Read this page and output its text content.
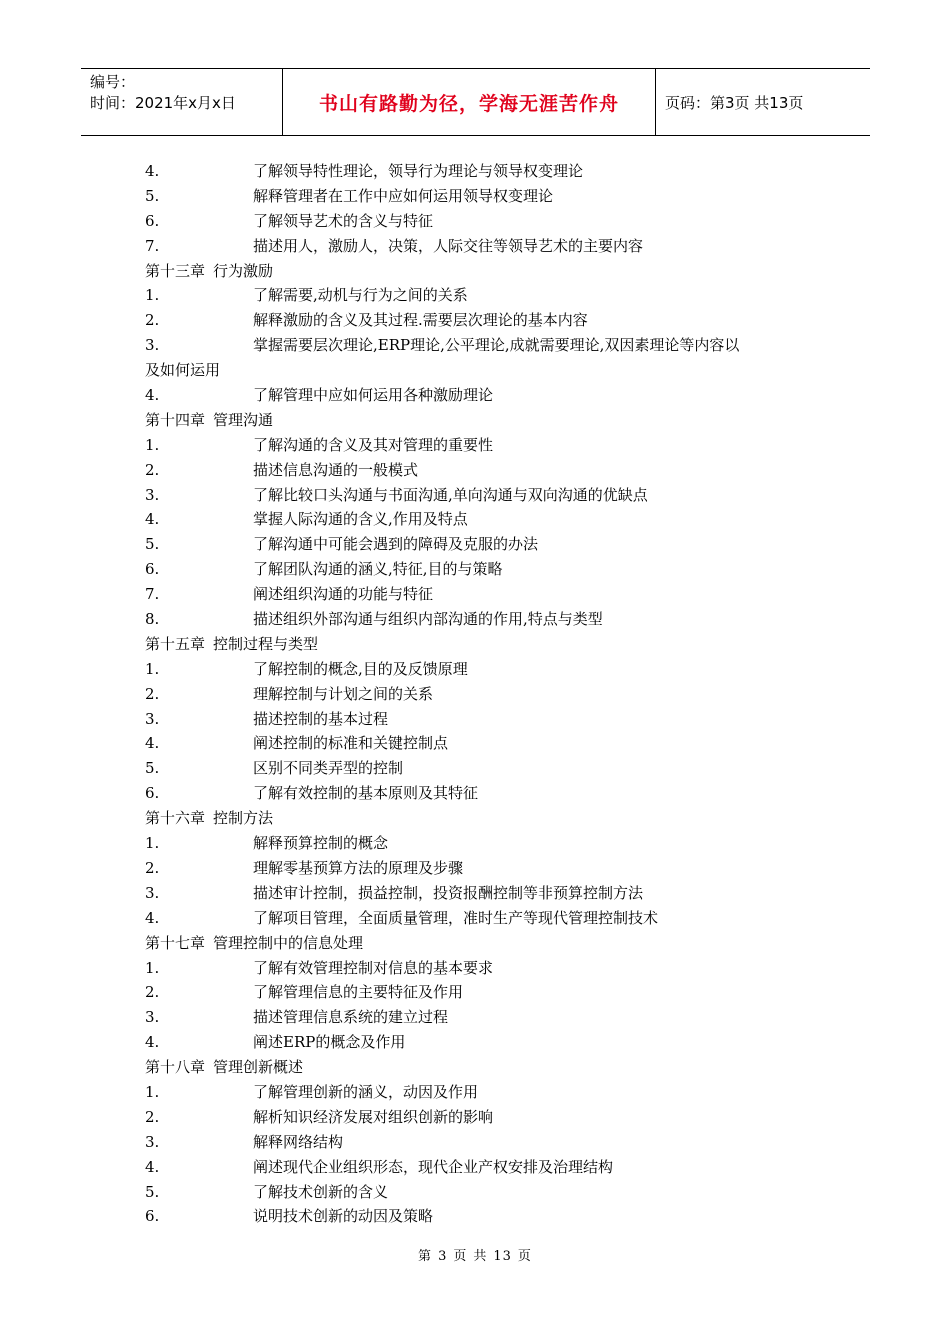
编号：
时间：2021年x月x日	书山有路勤为径，学海无涯苦作舟	页码：第3页 共13页
4.	了解领导特性理论，领导行为理论与领导权变理论
5.	解释管理者在工作中应如何运用领导权变理论
6.	了解领导艺术的含义与特征
7.	描述用人，激励人，决策，人际交往等领导艺术的主要内容
第十三章 行为激励
1.	了解需要,动机与行为之间的关系
2.	解释激励的含义及其过程.需要层次理论的基本内容
3.	掌握需要层次理论,ERP理论,公平理论,成就需要理论,双因素理论等内容以
及如何运用
4.	了解管理中应如何运用各种激励理论
第十四章 管理沟通
1.	了解沟通的含义及其对管理的重要性
2.	描述信息沟通的一般模式
3.	了解比较口头沟通与书面沟通,单向沟通与双向沟通的优缺点
4.	掌握人际沟通的含义,作用及特点
5.	了解沟通中可能会遇到的障碍及克服的办法
6.	了解团队沟通的涵义,特征,目的与策略
7.	阐述组织沟通的功能与特征
8.	描述组织外部沟通与组织内部沟通的作用,特点与类型
第十五章 控制过程与类型
1.	了解控制的概念,目的及反馈原理
2.	理解控制与计划之间的关系
3.	描述控制的基本过程
4.	阐述控制的标准和关键控制点
5.	区别不同类弄型的控制
6.	了解有效控制的基本原则及其特征
第十六章 控制方法
1.	解释预算控制的概念
2.	理解零基预算方法的原理及步骤
3.	描述审计控制，损益控制，投资报酬控制等非预算控制方法
4.	了解项目管理，全面质量管理，准时生产等现代管理控制技术
第十七章 管理控制中的信息处理
1.	了解有效管理控制对信息的基本要求
2.	了解管理信息的主要特征及作用
3.	描述管理信息系统的建立过程
4.	阐述ERP的概念及作用
第十八章 管理创新概述
1.	了解管理创新的涵义，动因及作用
2.	解析知识经济发展对组织创新的影响
3.	解释网络结构
4.	阐述现代企业组织形态，现代企业产权安排及治理结构
5.	了解技术创新的含义
6.	说明技术创新的动因及策略
第 3 页 共 13 页
